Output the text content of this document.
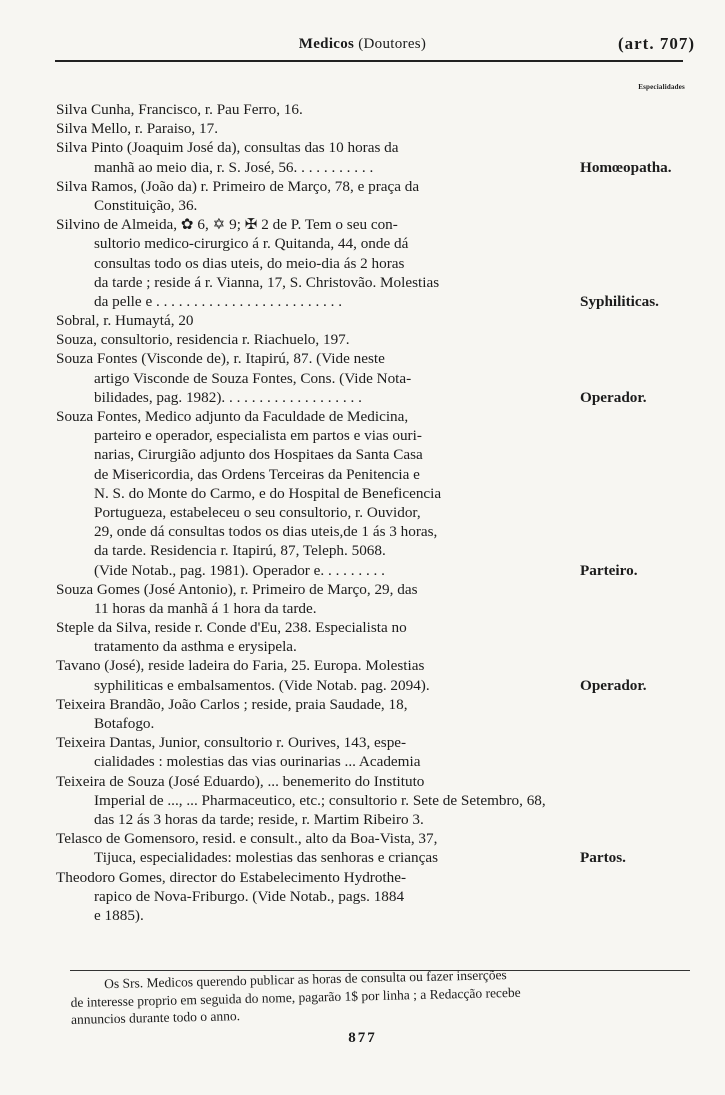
Medicos (Doutores)	(art. 707)
Especialidades
Silva Cunha, Francisco, r. Pau Ferro, 16.
Silva Mello, r. Paraiso, 17.
Silva Pinto (Joaquim José da), consultas das 10 horas da
manhã ao meio dia, r. S. José, 56. . . . . . . . . . .	Homœopatha.
Silva Ramos, (João da) r. Primeiro de Março, 78, e praça da
Constituição, 36.
Silvino de Almeida, ✿ 6, ✡ 9; ✠ 2 de P. Tem o seu con-
sultorio medico-cirurgico á r. Quitanda, 44, onde dá
consultas todo os dias uteis, do meio-dia ás 2 horas
da tarde ; reside á r. Vianna, 17, S. Christovão. Molestias
da pelle e . . . . . . . . . . . . . . . . . . . . . . . . .	Syphiliticas.
Sobral, r. Humaytá, 20
Souza, consultorio, residencia r. Riachuelo, 197.
Souza Fontes (Visconde de), r. Itapirú, 87. (Vide neste
artigo Visconde de Souza Fontes, Cons. (Vide Nota-
bilidades, pag. 1982). . . . . . . . . . . . . . . . . . .	Operador.
Souza Fontes, Medico adjunto da Faculdade de Medicina,
parteiro e operador, especialista em partos e vias ouri-
narias, Cirurgião adjunto dos Hospitaes da Santa Casa
de Misericordia, das Ordens Terceiras da Penitencia e
N. S. do Monte do Carmo, e do Hospital de Beneficencia
Portugueza, estabeleceu o seu consultorio, r. Ouvidor,
29, onde dá consultas todos os dias uteis,de 1 ás 3 horas,
da tarde. Residencia r. Itapirú, 87, Teleph. 5068.
(Vide Notab., pag. 1981). Operador e. . . . . . . . .	Parteiro.
Souza Gomes (José Antonio), r. Primeiro de Março, 29, das
11 horas da manhã á 1 hora da tarde.
Steple da Silva, reside r. Conde d'Eu, 238. Especialista no
tratamento da asthma e erysipela.
Tavano (José), reside ladeira do Faria, 25. Europa. Molestias
syphiliticas e embalsamentos. (Vide Notab. pag. 2094).	Operador.
Teixeira Brandão, João Carlos ; reside, praia Saudade, 18,
Botafogo.
Teixeira Dantas, Junior, consultorio r. Ourives, 143, espe-
cialidades : molestias das vias ourinarias ... Academia
Teixeira de Souza (José Eduardo), ... benemerito do Instituto
Imperial de ..., ... Pharmaceutico, etc.; consultorio r. Sete de Setembro, 68,
das 12 ás 3 horas da tarde; reside, r. Martim Ribeiro 3.
Telasco de Gomensoro, resid. e consult., alto da Boa-Vista, 37,
Tijuca, especialidades: molestias das senhoras e crianças	Partos.
Theodoro Gomes, director do Estabelecimento Hydrothe-
rapico de Nova-Friburgo. (Vide Notab., pags. 1884
e 1885).
Os Srs. Medicos querendo publicar as horas de consulta ou fazer inserções
de interesse proprio em seguida do nome, pagarão 1$ por linha ; a Redacção recebe
annuncios durante todo o anno.
877
